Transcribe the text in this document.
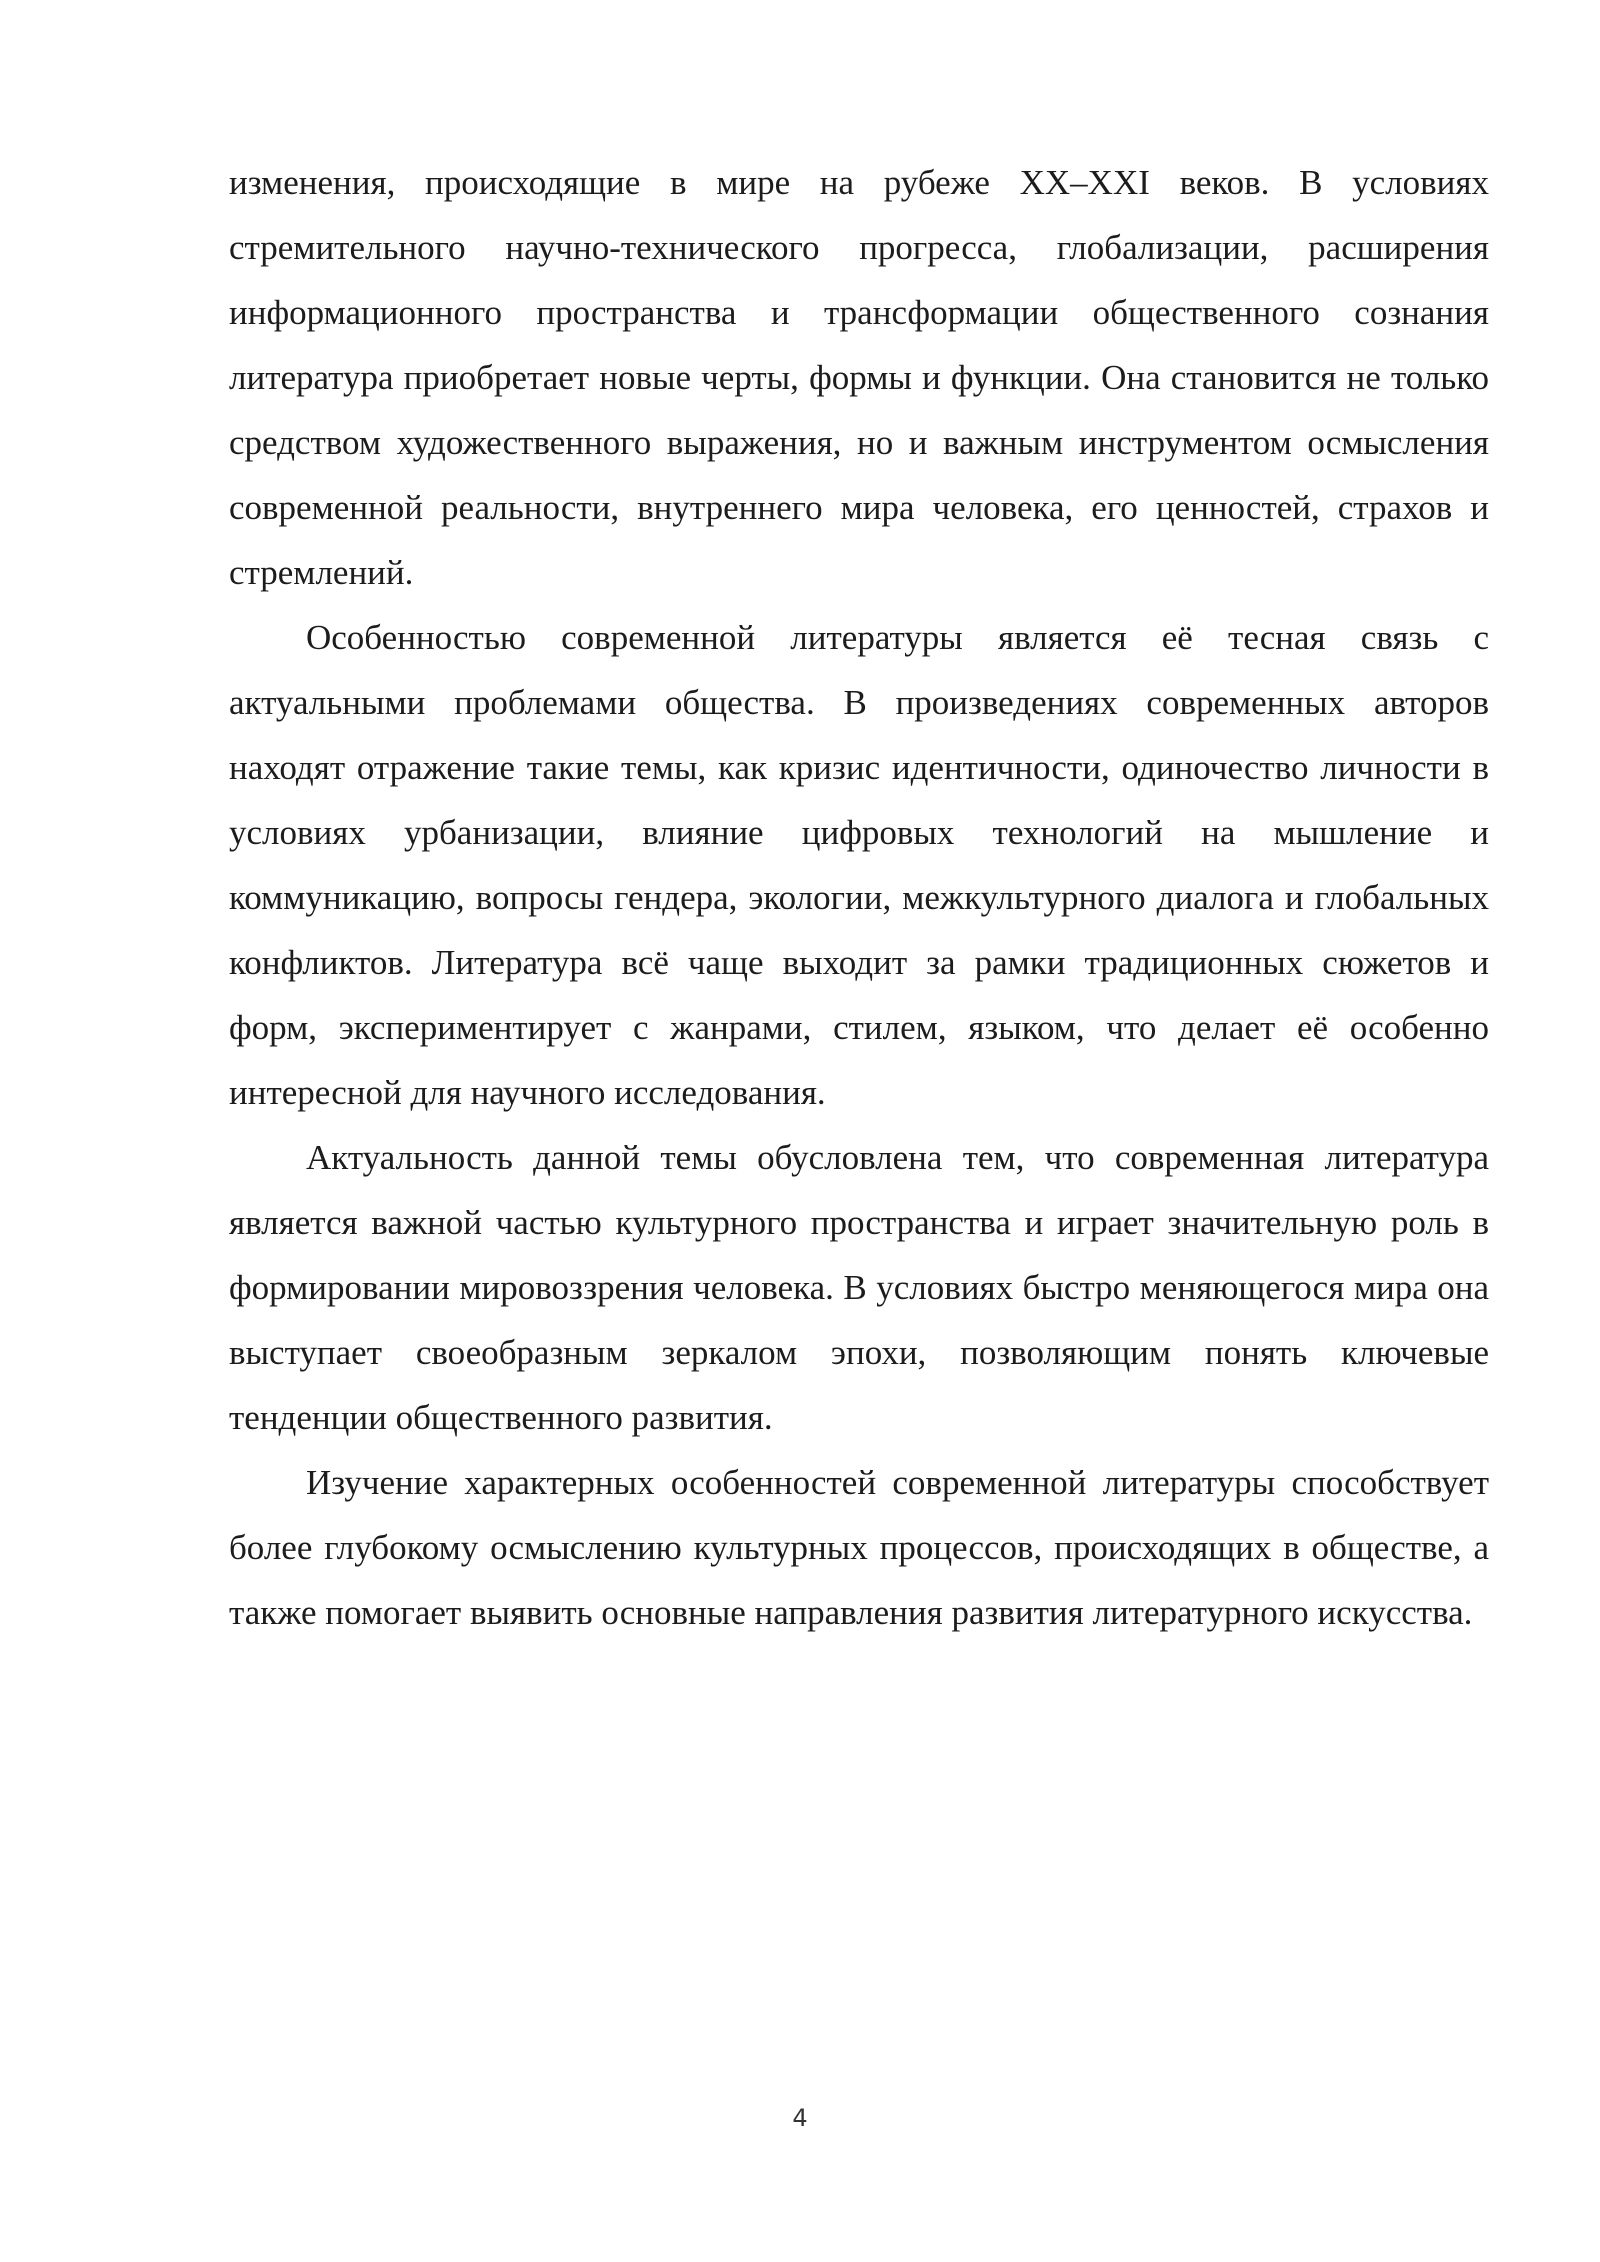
изменения, происходящие в мире на рубеже XX–XXI веков. В условиях стремительного научно-технического прогресса, глобализации, расширения информационного пространства и трансформации общественного сознания литература приобретает новые черты, формы и функции. Она становится не только средством художественного выражения, но и важным инструментом осмысления современной реальности, внутреннего мира человека, его ценностей, страхов и стремлений.

Особенностью современной литературы является её тесная связь с актуальными проблемами общества. В произведениях современных авторов находят отражение такие темы, как кризис идентичности, одиночество личности в условиях урбанизации, влияние цифровых технологий на мышление и коммуникацию, вопросы гендера, экологии, межкультурного диалога и глобальных конфликтов. Литература всё чаще выходит за рамки традиционных сюжетов и форм, экспериментирует с жанрами, стилем, языком, что делает её особенно интересной для научного исследования.

Актуальность данной темы обусловлена тем, что современная литература является важной частью культурного пространства и играет значительную роль в формировании мировоззрения человека. В условиях быстро меняющегося мира она выступает своеобразным зеркалом эпохи, позволяющим понять ключевые тенденции общественного развития.

Изучение характерных особенностей современной литературы способствует более глубокому осмыслению культурных процессов, происходящих в обществе, а также помогает выявить основные направления развития литературного искусства.

4
